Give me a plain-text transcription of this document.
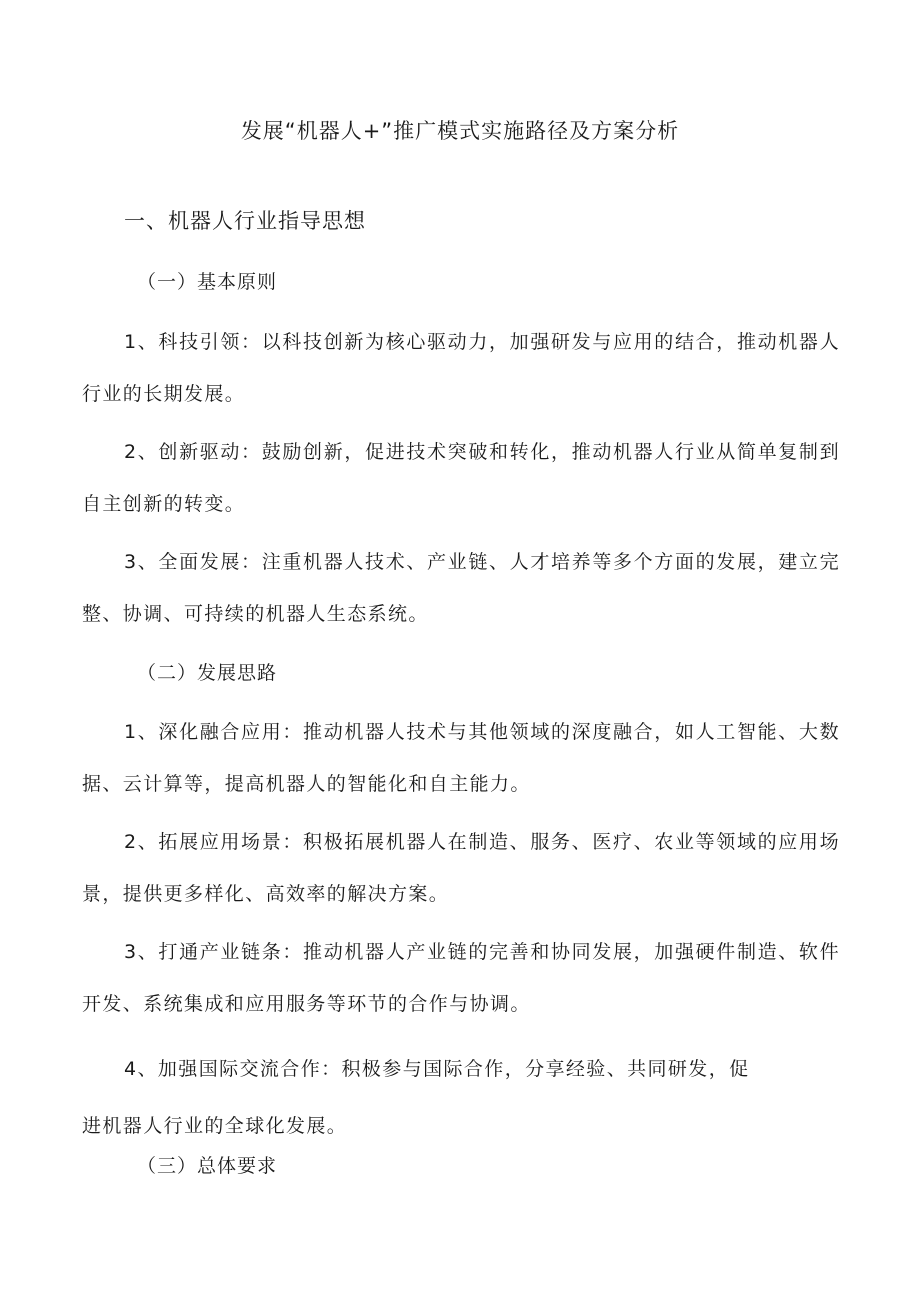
发展“机器人+”推广模式实施路径及方案分析
一、机器人行业指导思想
（一）基本原则
1、科技引领：以科技创新为核心驱动力，加强研发与应用的结合，推动机器人行业的长期发展。
2、创新驱动：鼓励创新，促进技术突破和转化，推动机器人行业从简单复制到自主创新的转变。
3、全面发展：注重机器人技术、产业链、人才培养等多个方面的发展，建立完整、协调、可持续的机器人生态系统。
（二）发展思路
1、深化融合应用：推动机器人技术与其他领域的深度融合，如人工智能、大数据、云计算等，提高机器人的智能化和自主能力。
2、拓展应用场景：积极拓展机器人在制造、服务、医疗、农业等领域的应用场景，提供更多样化、高效率的解决方案。
3、打通产业链条：推动机器人产业链的完善和协同发展，加强硬件制造、软件开发、系统集成和应用服务等环节的合作与协调。
4、加强国际交流合作：积极参与国际合作，分享经验、共同研发，促
进机器人行业的全球化发展。
（三）总体要求
